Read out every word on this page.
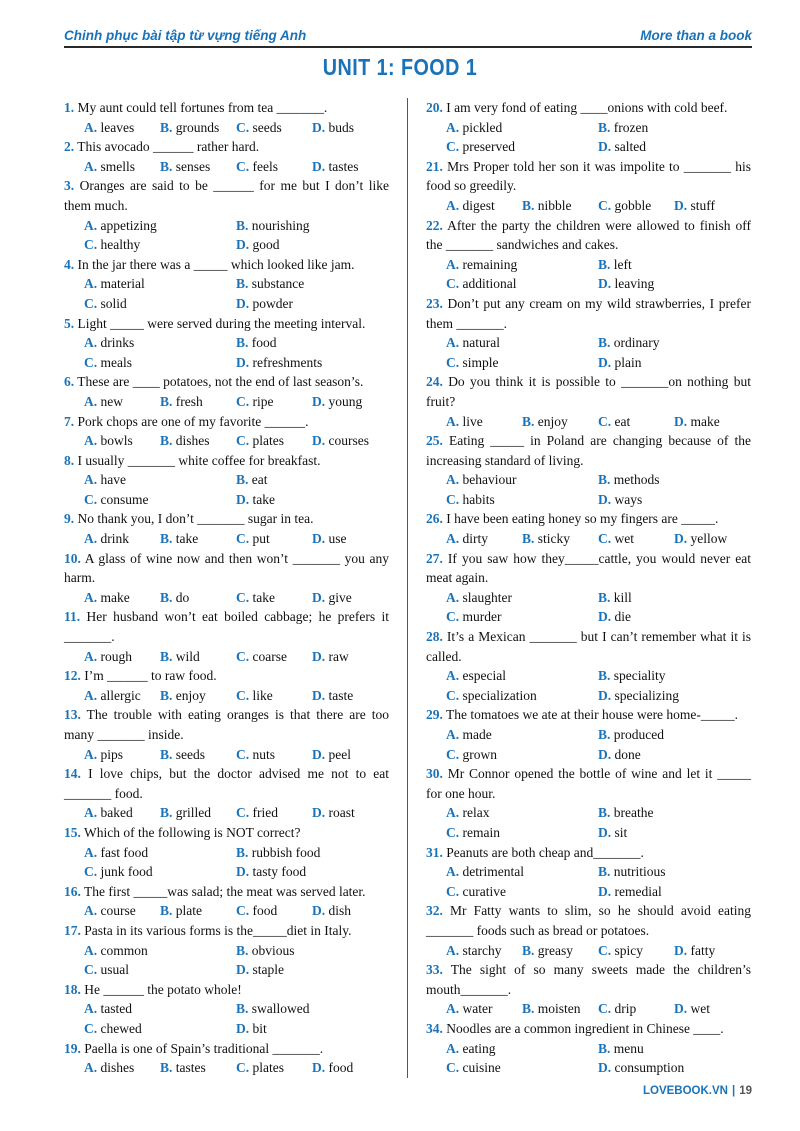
Chinh phục bài tập từ vựng tiếng Anh	More than a book
UNIT 1: FOOD 1
1. My aunt could tell fortunes from tea _______.
A. leaves	B. grounds	C. seeds	D. buds
2. This avocado ______ rather hard.
A. smells	B. senses	C. feels	D. tastes
3. Oranges are said to be ______ for me but I don’t like them much.
A. appetizing	B. nourishing
C. healthy	D. good
4. In the jar there was a _____ which looked like jam.
A. material	B. substance
C. solid	D. powder
5. Light _____ were served during the meeting interval.
A. drinks	B. food
C. meals	D. refreshments
6. These are ____ potatoes, not the end of last season’s.
A. new	B. fresh	C. ripe	D. young
7. Pork chops are one of my favorite ______.
A. bowls	B. dishes	C. plates	D. courses
8. I usually _______ white coffee for breakfast.
A. have	B. eat
C. consume	D. take
9. No thank you, I don’t _______ sugar in tea.
A. drink	B. take	C. put	D. use
10. A glass of wine now and then won’t _______ you any harm.
A. make	B. do	C. take	D. give
11. Her husband won’t eat boiled cabbage; he prefers it _______.
A. rough	B. wild	C. coarse	D. raw
12. I’m ______ to raw food.
A. allergic	B. enjoy	C. like	D. taste
13. The trouble with eating oranges is that there are too many _______ inside.
A. pips	B. seeds	C. nuts	D. peel
14. I love chips, but the doctor advised me not to eat _______ food.
A. baked	B. grilled	C. fried	D. roast
15. Which of the following is NOT correct?
A. fast food	B. rubbish food
C. junk food	D. tasty food
16. The first _____was salad; the meat was served later.
A. course	B. plate	C. food	D. dish
17. Pasta in its various forms is the_____diet in Italy.
A. common	B. obvious
C. usual	D. staple
18. He ______ the potato whole!
A. tasted	B. swallowed
C. chewed	D. bit
19. Paella is one of Spain’s traditional _______.
A. dishes	B. tastes	C. plates	D. food
20. I am very fond of eating ____onions with cold beef.
A. pickled	B. frozen
C. preserved	D. salted
21. Mrs Proper told her son it was impolite to _______ his food so greedily.
A. digest	B. nibble	C. gobble	D. stuff
22. After the party the children were allowed to finish off the _______ sandwiches and cakes.
A. remaining	B. left
C. additional	D. leaving
23. Don’t put any cream on my wild strawberries, I prefer them _______.
A. natural	B. ordinary
C. simple	D. plain
24. Do you think it is possible to _______on nothing but fruit?
A. live	B. enjoy	C. eat	D. make
25. Eating _____ in Poland are changing because of the increasing standard of living.
A. behaviour	B. methods
C. habits	D. ways
26. I have been eating honey so my fingers are _____.
A. dirty	B. sticky	C. wet	D. yellow
27. If you saw how they_____cattle, you would never eat meat again.
A. slaughter	B. kill
C. murder	D. die
28. It’s a Mexican _______ but I can’t remember what it is called.
A. especial	B. speciality
C. specialization	D. specializing
29. The tomatoes we ate at their house were home-_____.
A. made	B. produced
C. grown	D. done
30. Mr Connor opened the bottle of wine and let it _____ for one hour.
A. relax	B. breathe
C. remain	D. sit
31. Peanuts are both cheap and_______.
A. detrimental	B. nutritious
C. curative	D. remedial
32. Mr Fatty wants to slim, so he should avoid eating _______ foods such as bread or potatoes.
A. starchy	B. greasy	C. spicy	D. fatty
33. The sight of so many sweets made the children’s mouth_______.
A. water	B. moisten	C. drip	D. wet
34. Noodles are a common ingredient in Chinese ____.
A. eating	B. menu
C. cuisine	D. consumption
LOVEBOOK.VN | 19
